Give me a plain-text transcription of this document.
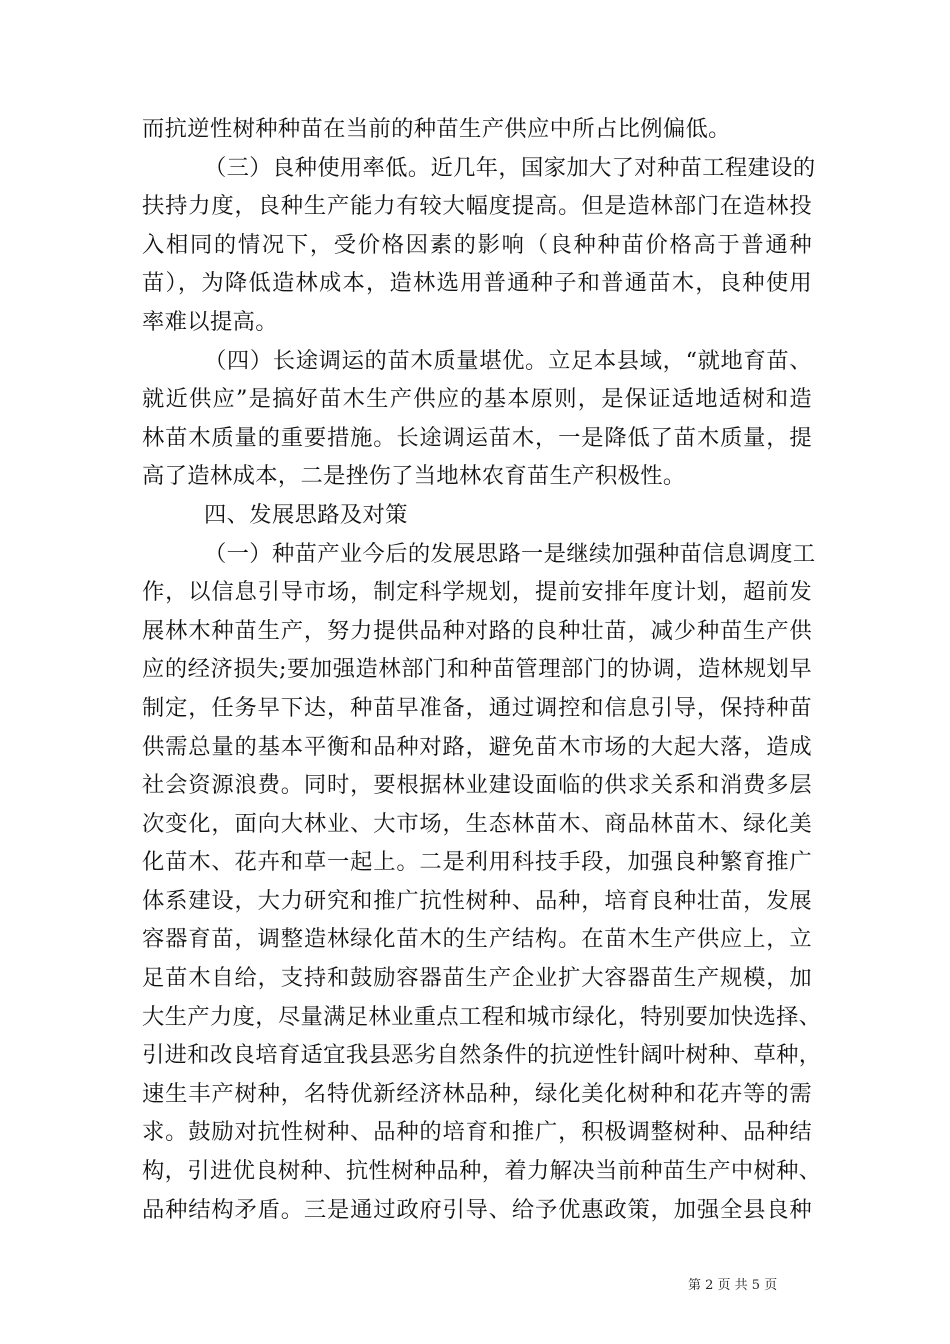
而抗逆性树种种苗在当前的种苗生产供应中所占比例偏低。
（三）良种使用率低。近几年，国家加大了对种苗工程建设的
扶持力度，良种生产能力有较大幅度提高。但是造林部门在造林投
入相同的情况下，受价格因素的影响（良种种苗价格高于普通种
苗），为降低造林成本，造林选用普通种子和普通苗木，良种使用
率难以提高。
（四）长途调运的苗木质量堪优。立足本县域，“就地育苗、
就近供应”是搞好苗木生产供应的基本原则，是保证适地适树和造
林苗木质量的重要措施。长途调运苗木，一是降低了苗木质量，提
高了造林成本，二是挫伤了当地林农育苗生产积极性。
四、发展思路及对策
（一）种苗产业今后的发展思路一是继续加强种苗信息调度工
作，以信息引导市场，制定科学规划，提前安排年度计划，超前发
展林木种苗生产，努力提供品种对路的良种壮苗，减少种苗生产供
应的经济损失;要加强造林部门和种苗管理部门的协调，造林规划早
制定，任务早下达，种苗早准备，通过调控和信息引导，保持种苗
供需总量的基本平衡和品种对路，避免苗木市场的大起大落，造成
社会资源浪费。同时，要根据林业建设面临的供求关系和消费多层
次变化，面向大林业、大市场，生态林苗木、商品林苗木、绿化美
化苗木、花卉和草一起上。二是利用科技手段，加强良种繁育推广
体系建设，大力研究和推广抗性树种、品种，培育良种壮苗，发展
容器育苗，调整造林绿化苗木的生产结构。在苗木生产供应上，立
足苗木自给，支持和鼓励容器苗生产企业扩大容器苗生产规模，加
大生产力度，尽量满足林业重点工程和城市绿化，特别要加快选择、
引进和改良培育适宜我县恶劣自然条件的抗逆性针阔叶树种、草种，
速生丰产树种，名特优新经济林品种，绿化美化树种和花卉等的需
求。鼓励对抗性树种、品种的培育和推广，积极调整树种、品种结
构，引进优良树种、抗性树种品种，着力解决当前种苗生产中树种、
品种结构矛盾。三是通过政府引导、给予优惠政策，加强全县良种
第 2 页 共 5 页
